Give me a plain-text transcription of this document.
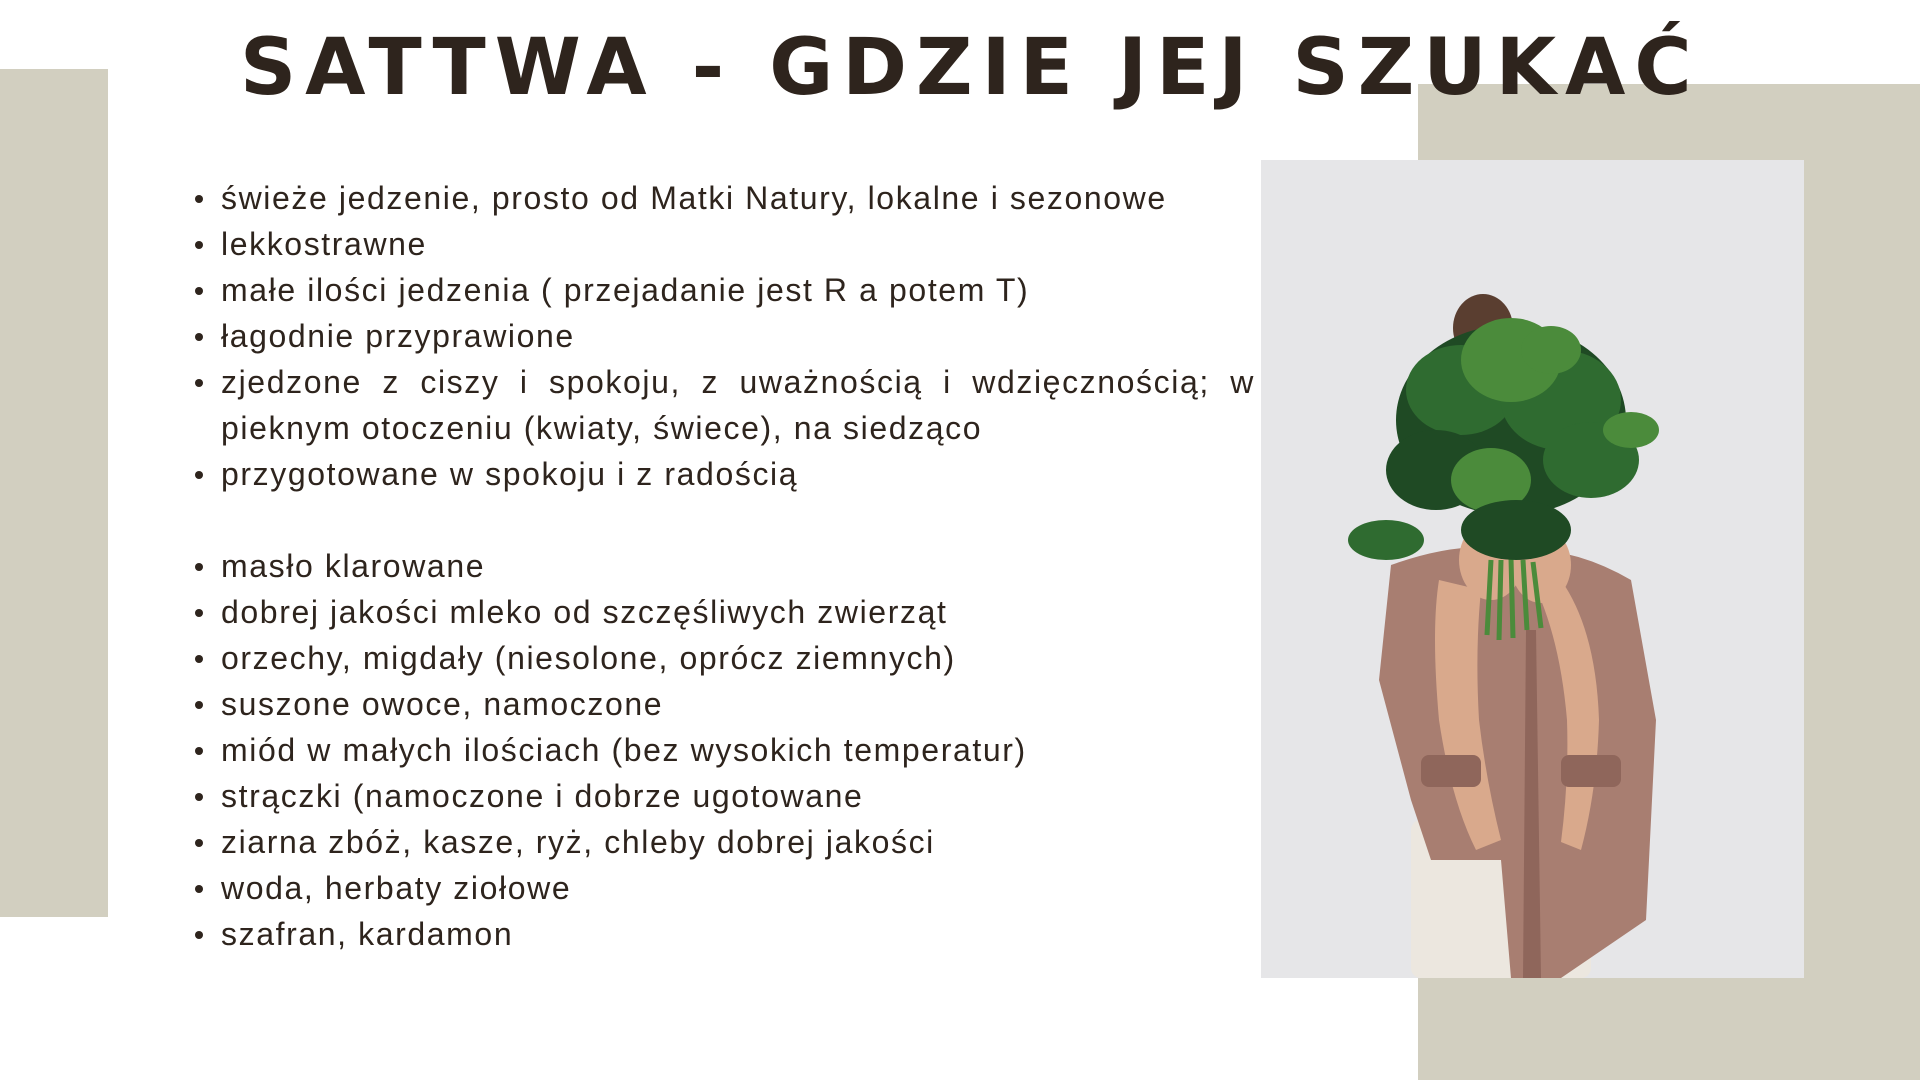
SATTWA - GDZIE JEJ SZUKAĆ
świeże jedzenie, prosto od Matki Natury, lokalne i sezonowe
lekkostrawne
małe ilości jedzenia ( przejadanie jest R a potem T)
łagodnie przyprawione
zjedzone z ciszy i spokoju, z uważnością i wdzięcznością; w pieknym otoczeniu (kwiaty, świece), na siedząco
przygotowane w spokoju i z radością
masło klarowane
dobrej jakości mleko od szczęśliwych zwierząt
orzechy, migdały (niesolone, oprócz ziemnych)
suszone owoce, namoczone
miód w małych ilościach (bez wysokich temperatur)
strączki (namoczone i dobrze ugotowane
ziarna zbóż, kasze, ryż, chleby dobrej jakości
woda, herbaty ziołowe
szafran, kardamon
